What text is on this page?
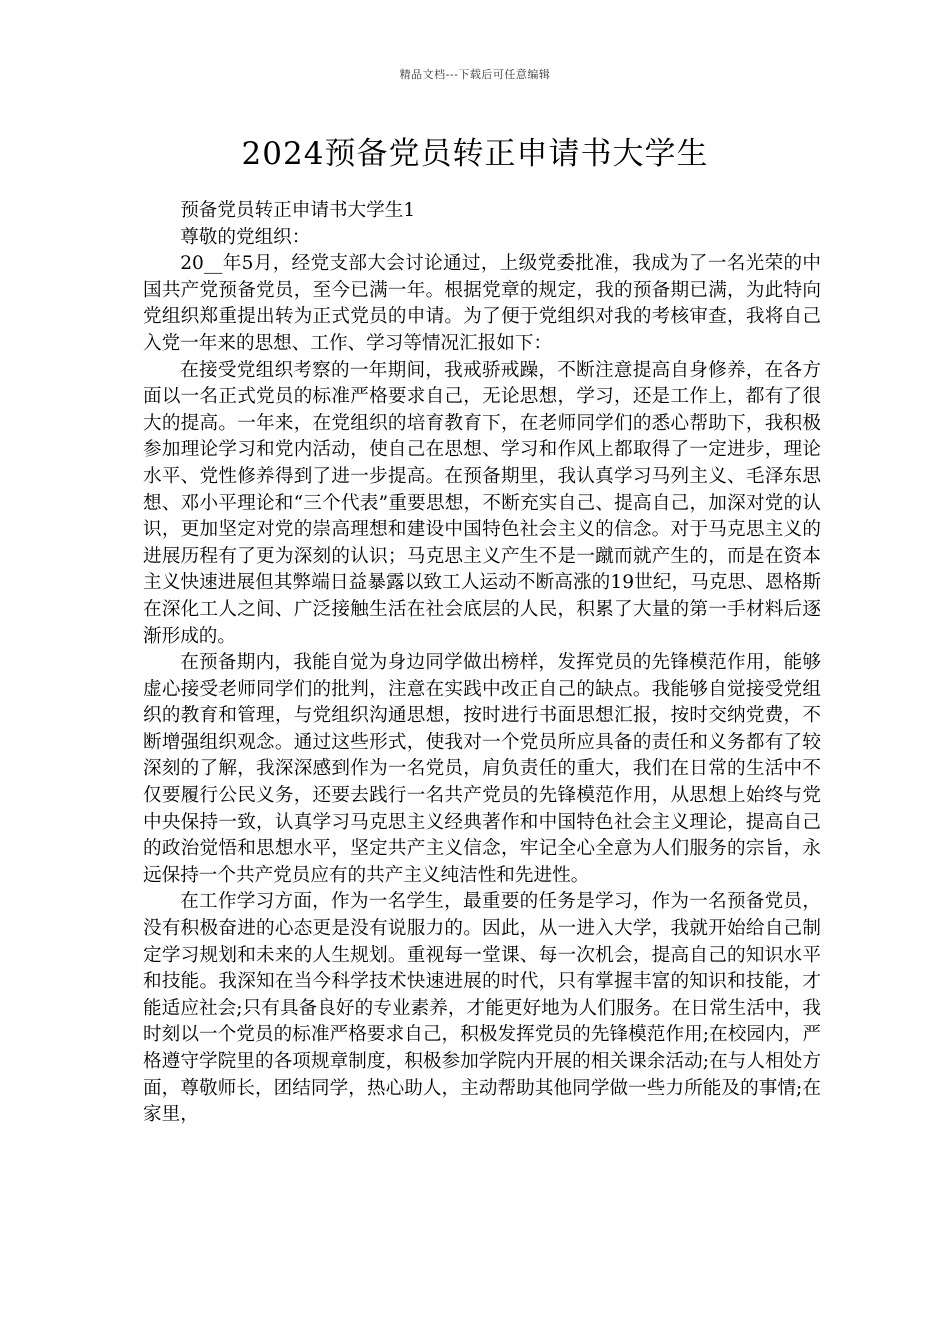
精品文档---下载后可任意编辑
2024预备党员转正申请书大学生
预备党员转正申请书大学生1
尊敬的党组织：

20__年5月，经党支部大会讨论通过，上级党委批准，我成为了一名光荣的中国共产党预备党员，至今已满一年。根据党章的规定，我的预备期已满，为此特向党组织郑重提出转为正式党员的申请。为了便于党组织对我的考核审查，我将自己入党一年来的思想、工作、学习等情况汇报如下：

在接受党组织考察的一年期间，我戒骄戒躁，不断注意提高自身修养，在各方面以一名正式党员的标准严格要求自己，无论思想，学习，还是工作上，都有了很大的提高。一年来，在党组织的培育教育下，在老师同学们的悉心帮助下，我积极参加理论学习和党内活动，使自己在思想、学习和作风上都取得了一定进步，理论水平、党性修养得到了进一步提高。在预备期里，我认真学习马列主义、毛泽东思想、邓小平理论和“三个代表”重要思想，不断充实自己、提高自己，加深对党的认识，更加坚定对党的崇高理想和建设中国特色社会主义的信念。对于马克思主义的进展历程有了更为深刻的认识；马克思主义产生不是一蹴而就产生的，而是在资本主义快速进展但其弊端日益暴露以致工人运动不断高涨的19世纪，马克思、恩格斯在深化工人之间、广泛接触生活在社会底层的人民，积累了大量的第一手材料后逐渐形成的。

在预备期内，我能自觉为身边同学做出榜样，发挥党员的先锋模范作用，能够虚心接受老师同学们的批判，注意在实践中改正自己的缺点。我能够自觉接受党组织的教育和管理，与党组织沟通思想，按时进行书面思想汇报，按时交纳党费，不断增强组织观念。通过这些形式，使我对一个党员所应具备的责任和义务都有了较深刻的了解，我深深感到作为一名党员，肩负责任的重大，我们在日常的生活中不仅要履行公民义务，还要去践行一名共产党员的先锋模范作用，从思想上始终与党中央保持一致，认真学习马克思主义经典著作和中国特色社会主义理论，提高自己的政治觉悟和思想水平，坚定共产主义信念，牢记全心全意为人们服务的宗旨，永远保持一个共产党员应有的共产主义纯洁性和先进性。

在工作学习方面，作为一名学生，最重要的任务是学习，作为一名预备党员，没有积极奋进的心态更是没有说服力的。因此，从一进入大学，我就开始给自己制定学习规划和未来的人生规划。重视每一堂课、每一次机会，提高自己的知识水平和技能。我深知在当今科学技术快速进展的时代，只有掌握丰富的知识和技能，才能适应社会;只有具备良好的专业素养，才能更好地为人们服务。在日常生活中，我时刻以一个党员的标准严格要求自己，积极发挥党员的先锋模范作用;在校园内，严格遵守学院里的各项规章制度，积极参加学院内开展的相关课余活动;在与人相处方面，尊敬师长，团结同学，热心助人，主动帮助其他同学做一些力所能及的事情;在家里，
